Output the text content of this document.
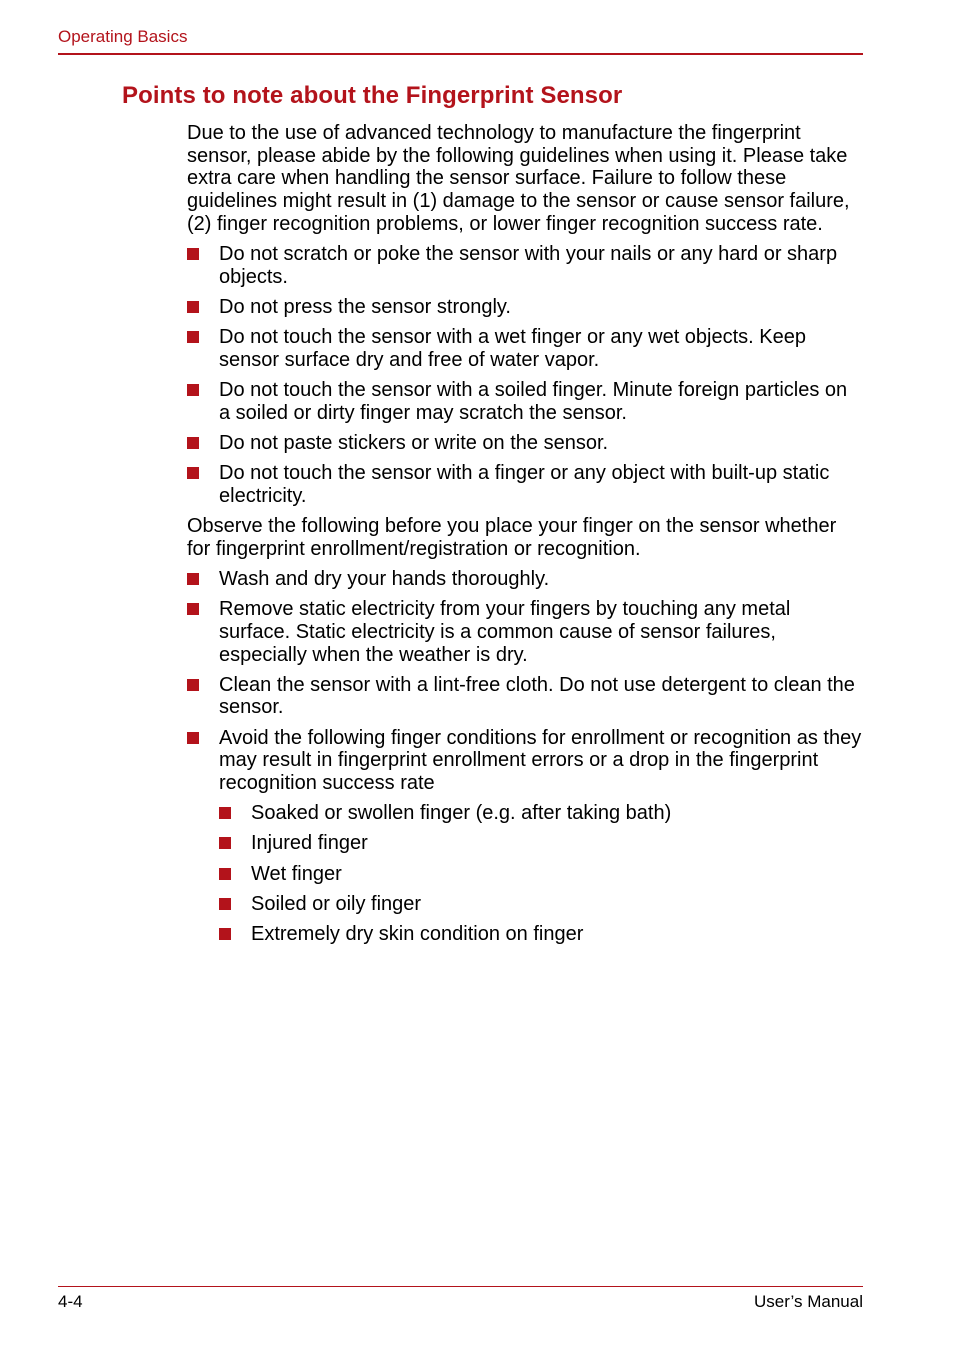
Operating Basics
Points to note about the Fingerprint Sensor

Due to the use of advanced technology to manufacture the fingerprint sensor, please abide by the following guidelines when using it. Please take extra care when handling the sensor surface. Failure to follow these guidelines might result in (1) damage to the sensor or cause sensor failure, (2) finger recognition problems, or lower finger recognition success rate.

Do not scratch or poke the sensor with your nails or any hard or sharp objects.
Do not press the sensor strongly.
Do not touch the sensor with a wet finger or any wet objects. Keep sensor surface dry and free of water vapor.
Do not touch the sensor with a soiled finger. Minute foreign particles on a soiled or dirty finger may scratch the sensor.
Do not paste stickers or write on the sensor.
Do not touch the sensor with a finger or any object with built-up static electricity.

Observe the following before you place your finger on the sensor whether for fingerprint enrollment/registration or recognition.

Wash and dry your hands thoroughly.
Remove static electricity from your fingers by touching any metal surface. Static electricity is a common cause of sensor failures, especially when the weather is dry.
Clean the sensor with a lint-free cloth. Do not use detergent to clean the sensor.
Avoid the following finger conditions for enrollment or recognition as they may result in fingerprint enrollment errors or a drop in the fingerprint recognition success rate
Soaked or swollen finger (e.g. after taking bath)
Injured finger
Wet finger
Soiled or oily finger
Extremely dry skin condition on finger
4-4	User’s Manual
